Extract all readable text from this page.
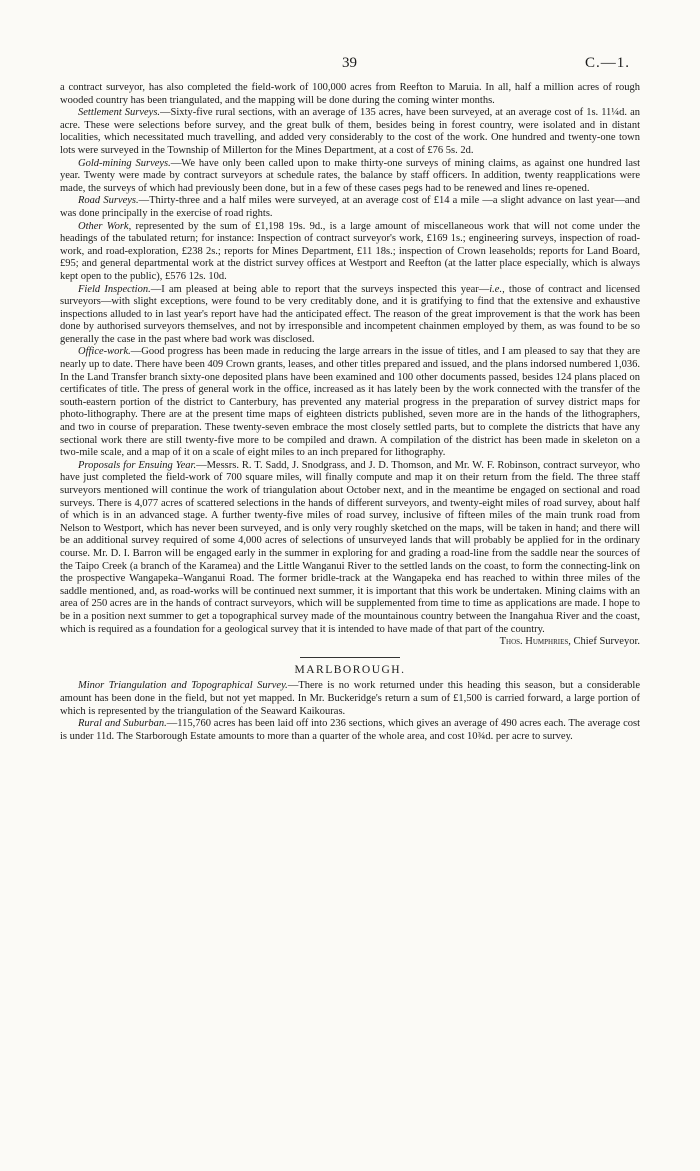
39	C.—1.

a contract surveyor, has also completed the field-work of 100,000 acres from Reefton to Maruia. In all, half a million acres of rough wooded country has been triangulated, and the mapping will be done during the coming winter months.

Settlement Surveys.—Sixty-five rural sections, with an average of 135 acres, have been surveyed, at an average cost of 1s. 11¼d. an acre. These were selections before survey, and the great bulk of them, besides being in forest country, were isolated and in distant localities, which necessitated much travelling, and added very considerably to the cost of the work. One hundred and twenty-one town lots were surveyed in the Township of Millerton for the Mines Department, at a cost of £76 5s. 2d.

Gold-mining Surveys.—We have only been called upon to make thirty-one surveys of mining claims, as against one hundred last year. Twenty were made by contract surveyors at schedule rates, the balance by staff officers. In addition, twenty reapplications were made, the surveys of which had previously been done, but in a few of these cases pegs had to be renewed and lines re-opened.

Road Surveys.—Thirty-three and a half miles were surveyed, at an average cost of £14 a mile —a slight advance on last year—and was done principally in the exercise of road rights.

Other Work, represented by the sum of £1,198 19s. 9d., is a large amount of miscellaneous work that will not come under the headings of the tabulated return; for instance: Inspection of contract surveyor's work, £169 1s.; engineering surveys, inspection of road-work, and road-exploration, £238 2s.; reports for Mines Department, £11 18s.; inspection of Crown leaseholds; reports for Land Board, £95; and general departmental work at the district survey offices at Westport and Reefton (at the latter place especially, which is always kept open to the public), £576 12s. 10d.

Field Inspection.—I am pleased at being able to report that the surveys inspected this year—i.e., those of contract and licensed surveyors—with slight exceptions, were found to be very creditably done, and it is gratifying to find that the extensive and exhaustive inspections alluded to in last year's report have had the anticipated effect. The reason of the great improvement is that the work has been done by authorised surveyors themselves, and not by irresponsible and incompetent chainmen employed by them, as was found to be so generally the case in the past where bad work was disclosed.

Office-work.—Good progress has been made in reducing the large arrears in the issue of titles, and I am pleased to say that they are nearly up to date. There have been 409 Crown grants, leases, and other titles prepared and issued, and the plans indorsed numbered 1,036. In the Land Transfer branch sixty-one deposited plans have been examined and 100 other documents passed, besides 124 plans placed on certificates of title. The press of general work in the office, increased as it has lately been by the work connected with the transfer of the south-eastern portion of the district to Canterbury, has prevented any material progress in the preparation of survey district maps for photo-lithography. There are at the present time maps of eighteen districts published, seven more are in the hands of the lithographers, and two in course of preparation. These twenty-seven embrace the most closely settled parts, but to complete the districts that have any sectional work there are still twenty-five more to be compiled and drawn. A compilation of the district has been made in skeleton on a two-mile scale, and a map of it on a scale of eight miles to an inch prepared for lithography.

Proposals for Ensuing Year.—Messrs. R. T. Sadd, J. Snodgrass, and J. D. Thomson, and Mr. W. F. Robinson, contract surveyor, who have just completed the field-work of 700 square miles, will finally compute and map it on their return from the field. The three staff surveyors mentioned will continue the work of triangulation about October next, and in the meantime be engaged on sectional and road surveys. There is 4,077 acres of scattered selections in the hands of different surveyors, and twenty-eight miles of road survey, about half of which is in an advanced stage. A further twenty-five miles of road survey, inclusive of fifteen miles of the main trunk road from Nelson to Westport, which has never been surveyed, and is only very roughly sketched on the maps, will be taken in hand; and there will be an additional survey required of some 4,000 acres of selections of unsurveyed lands that will probably be applied for in the ordinary course. Mr. D. I. Barron will be engaged early in the summer in exploring for and grading a road-line from the saddle near the sources of the Taipo Creek (a branch of the Karamea) and the Little Wanganui River to the settled lands on the coast, to form the connecting-link on the prospective Wangapeka–Wanganui Road. The former bridle-track at the Wangapeka end has reached to within three miles of the saddle mentioned, and, as road-works will be continued next summer, it is important that this work be undertaken. Mining claims with an area of 250 acres are in the hands of contract surveyors, which will be supplemented from time to time as applications are made. I hope to be in a position next summer to get a topographical survey made of the mountainous country between the Inangahua River and the coast, which is required as a foundation for a geological survey that it is intended to have made of that part of the country.

Thos. Humphries, Chief Surveyor.
MARLBOROUGH.

Minor Triangulation and Topographical Survey.—There is no work returned under this heading this season, but a considerable amount has been done in the field, but not yet mapped. In Mr. Buckeridge's return a sum of £1,500 is carried forward, a large portion of which is represented by the triangulation of the Seaward Kaikouras.

Rural and Suburban.—115,760 acres has been laid off into 236 sections, which gives an average of 490 acres each. The average cost is under 11d. The Starborough Estate amounts to more than a quarter of the whole area, and cost 10¾d. per acre to survey.
